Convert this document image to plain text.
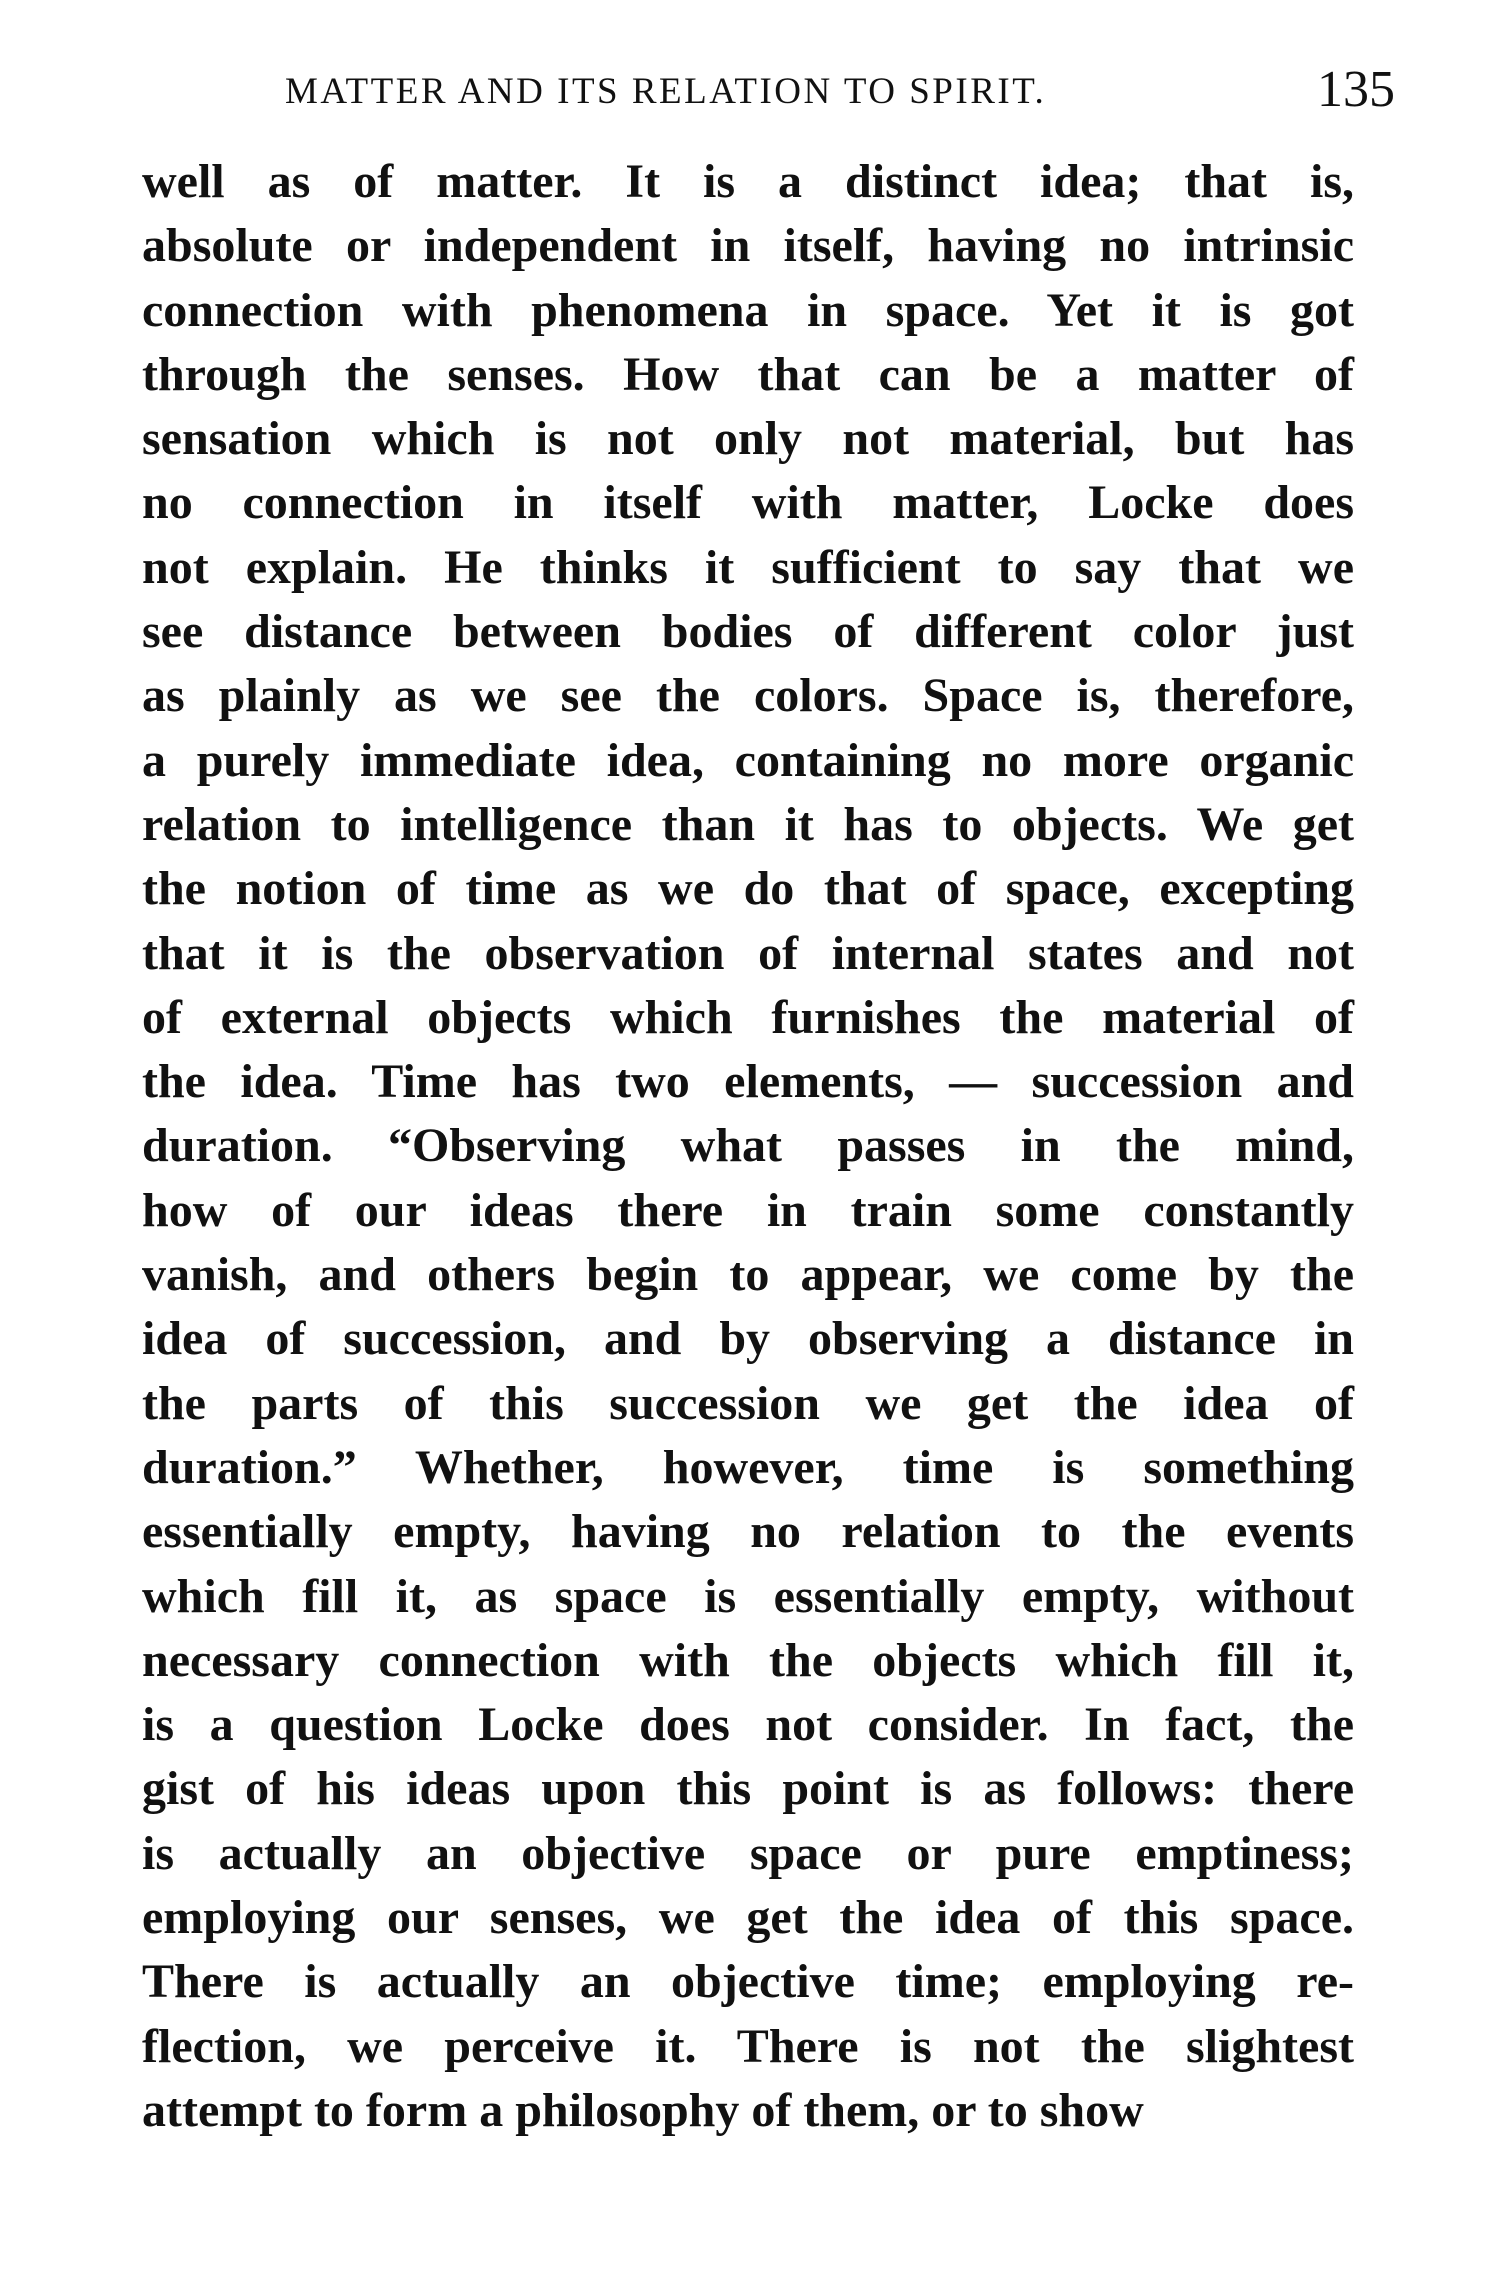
MATTER AND ITS RELATION TO SPIRIT.	135
well as of matter. It is a distinct idea; that is,
absolute or independent in itself, having no intrinsic
connection with phenomena in space. Yet it is got
through the senses. How that can be a matter of
sensation which is not only not material, but has
no connection in itself with matter, Locke does
not explain. He thinks it sufficient to say that we
see distance between bodies of different color just
as plainly as we see the colors. Space is, therefore,
a purely immediate idea, containing no more organic
relation to intelligence than it has to objects. We get
the notion of time as we do that of space, excepting
that it is the observation of internal states and not
of external objects which furnishes the material of
the idea. Time has two elements, — succession and
duration. “Observing what passes in the mind,
how of our ideas there in train some constantly
vanish, and others begin to appear, we come by the
idea of succession, and by observing a distance in
the parts of this succession we get the idea of
duration.” Whether, however, time is something
essentially empty, having no relation to the events
which fill it, as space is essentially empty, without
necessary connection with the objects which fill it,
is a question Locke does not consider. In fact, the
gist of his ideas upon this point is as follows: there
is actually an objective space or pure emptiness;
employing our senses, we get the idea of this space.
There is actually an objective time; employing re-
flection, we perceive it. There is not the slightest
attempt to form a philosophy of them, or to show
